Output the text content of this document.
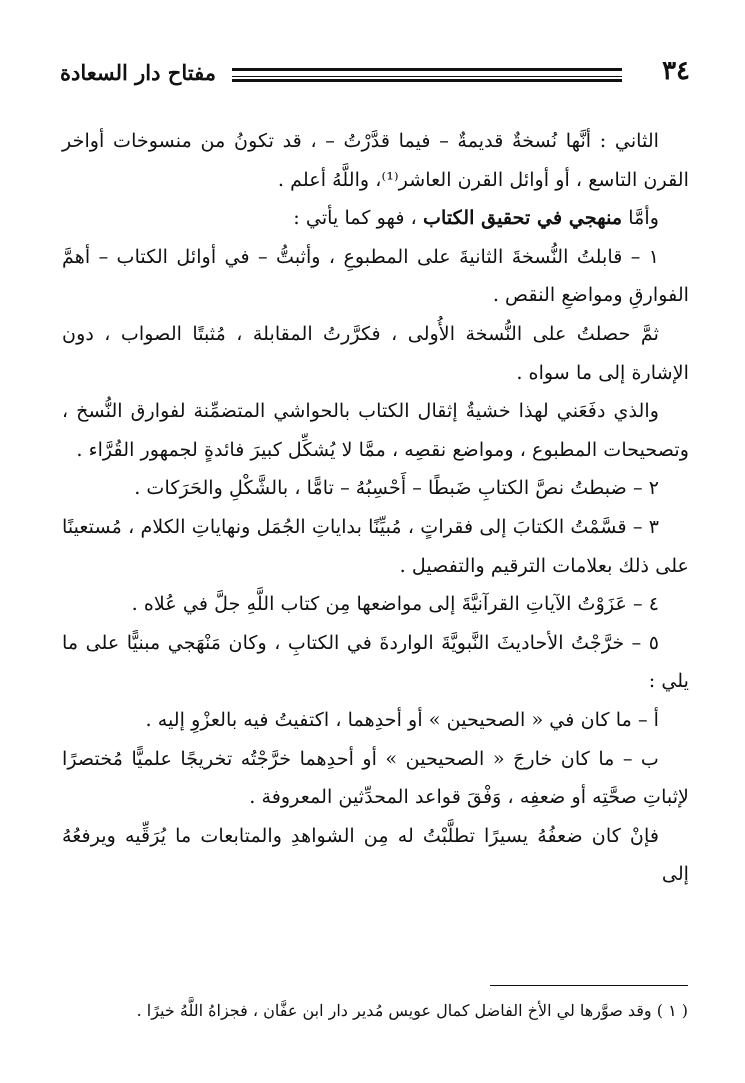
مفتاح دار السعادة	٣٤

الثاني : أنَّها نُسخةٌ قديمةٌ – فيما قدَّرْتُ – ، قد تكونُ من منسوخات أواخر القرن التاسع ، أو أوائل القرن العاشر⁽¹⁾، واللَّهُ أعلم .

وأمَّا منهجي في تحقيق الكتاب ، فهو كما يأتي :

١ – قابلتُ النُّسخةَ الثانيةَ على المطبوعِ ، وأثبتُّ – في أوائل الكتاب – أهمَّ الفوارقِ ومواضعِ النقص .

ثمَّ حصلتُ على النُّسخة الأُولى ، فكرَّرتُ المقابلة ، مُثبتًا الصواب ، دون الإشارة إلى ما سواه .

والذي دفَعَني لهذا خشيةُ إثقال الكتاب بالحواشي المتضمِّنة لفوارق النُّسخ ، وتصحيحات المطبوع ، ومواضع نقصِه ، ممَّا لا يُشكِّل كبيرَ فائدةٍ لجمهور القُرَّاء .

٢ – ضبطتُ نصَّ الكتابِ ضَبطًا – أَحْسِبُهُ – تامًّا ، بالشَّكْلِ والحَرَكات .

٣ – قسَّمْتُ الكتابَ إلى فقراتٍ ، مُبيِّنًا بداياتِ الجُمَل ونهاياتِ الكلام ، مُستعينًا على ذلك بعلامات الترقيم والتفصيل .

٤ – عَزَوْتُ الآياتِ القرآنيَّةَ إلى مواضعها مِن كتاب اللَّهِ جلَّ في عُلاه .

٥ – خرَّجْتُ الأحاديثَ النَّبويَّةَ الواردةَ في الكتابِ ، وكان مَنْهَجي مبنيًّا على ما يلي :

أ – ما كان في « الصحيحين » أو أحدِهما ، اكتفيتُ فيه بالعزْوِ إليه .

ب – ما كان خارجَ « الصحيحين » أو أحدِهما خرَّجْتُه تخريجًا علميًّا مُختصرًا لإثباتِ صحَّتِه أو ضعفِه ، وَفْقَ قواعد المحدِّثين المعروفة .

فإنْ كان ضعفُهُ يسيرًا تطلَّبْتُ له مِن الشواهدِ والمتابعات ما يُرَقِّيه ويرفعُهُ إلى

( ١ ) وقد صوَّرها لي الأخ الفاضل كمال عويس مُدير دار ابن عفَّان ، فجزاهُ اللَّهُ خيرًا .
